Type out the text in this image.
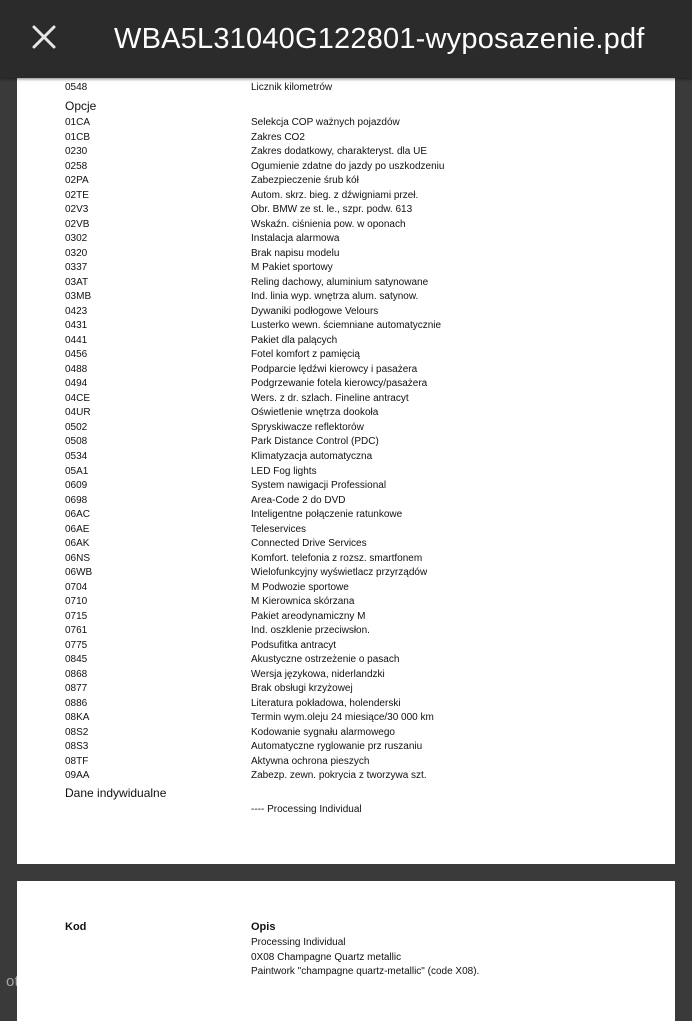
WBA5L31040G122801-wyposazenie.pdf
0548	Licznik kilometrów
Opcje
01CA	Selekcja COP ważnych pojazdów
01CB	Zakres CO2
0230	Zakres dodatkowy, charakteryst. dla UE
0258	Ogumienie zdatne do jazdy po uszkodzeniu
02PA	Zabezpieczenie śrub kół
02TE	Autom. skrz. bieg. z dźwigniami przeł.
02V3	Obr. BMW ze st. le., szpr. podw. 613
02VB	Wskaźn. ciśnienia pow. w oponach
0302	Instalacja alarmowa
0320	Brak napisu modelu
0337	M Pakiet sportowy
03AT	Reling dachowy, aluminium satynowane
03MB	Ind. linia wyp. wnętrza alum. satynow.
0423	Dywaniki podłogowe Velours
0431	Lusterko wewn. ściemniane automatycznie
0441	Pakiet dla palących
0456	Fotel komfort z pamięcią
0488	Podparcie lędźwi kierowcy i pasażera
0494	Podgrzewanie fotela kierowcy/pasażera
04CE	Wers. z dr. szlach. Fineline antracyt
04UR	Oświetlenie wnętrza dookoła
0502	Spryskiwacze reflektorów
0508	Park Distance Control (PDC)
0534	Klimatyzacja automatyczna
05A1	LED Fog lights
0609	System nawigacji Professional
0698	Area-Code 2 do DVD
06AC	Inteligentne połączenie ratunkowe
06AE	Teleservices
06AK	Connected Drive Services
06NS	Komfort. telefonia z rozsz. smartfonem
06WB	Wielofunkcyjny wyświetlacz przyrządów
0704	M Podwozie sportowe
0710	M Kierownica skórzana
0715	Pakiet areodynamiczny M
0761	Ind. oszklenie przeciwsłon.
0775	Podsufitka antracyt
0845	Akustyczne ostrzeżenie o pasach
0868	Wersja językowa, niderlandzki
0877	Brak obsługi krzyżowej
0886	Literatura pokładowa, holenderski
08KA	Termin wym.oleju 24 miesiące/30 000 km
08S2	Kodowanie sygnału alarmowego
08S3	Automatyczne ryglowanie prz ruszaniu
08TF	Aktywna ochrona pieszych
09AA	Zabezp. zewn. pokrycia z tworzywa szt.
Dane indywidualne
---- Processing Individual
Kod	Opis
Processing Individual
0X08 Champagne Quartz metallic
Paintwork "champagne quartz-metallic" (code X08).
otomoto
